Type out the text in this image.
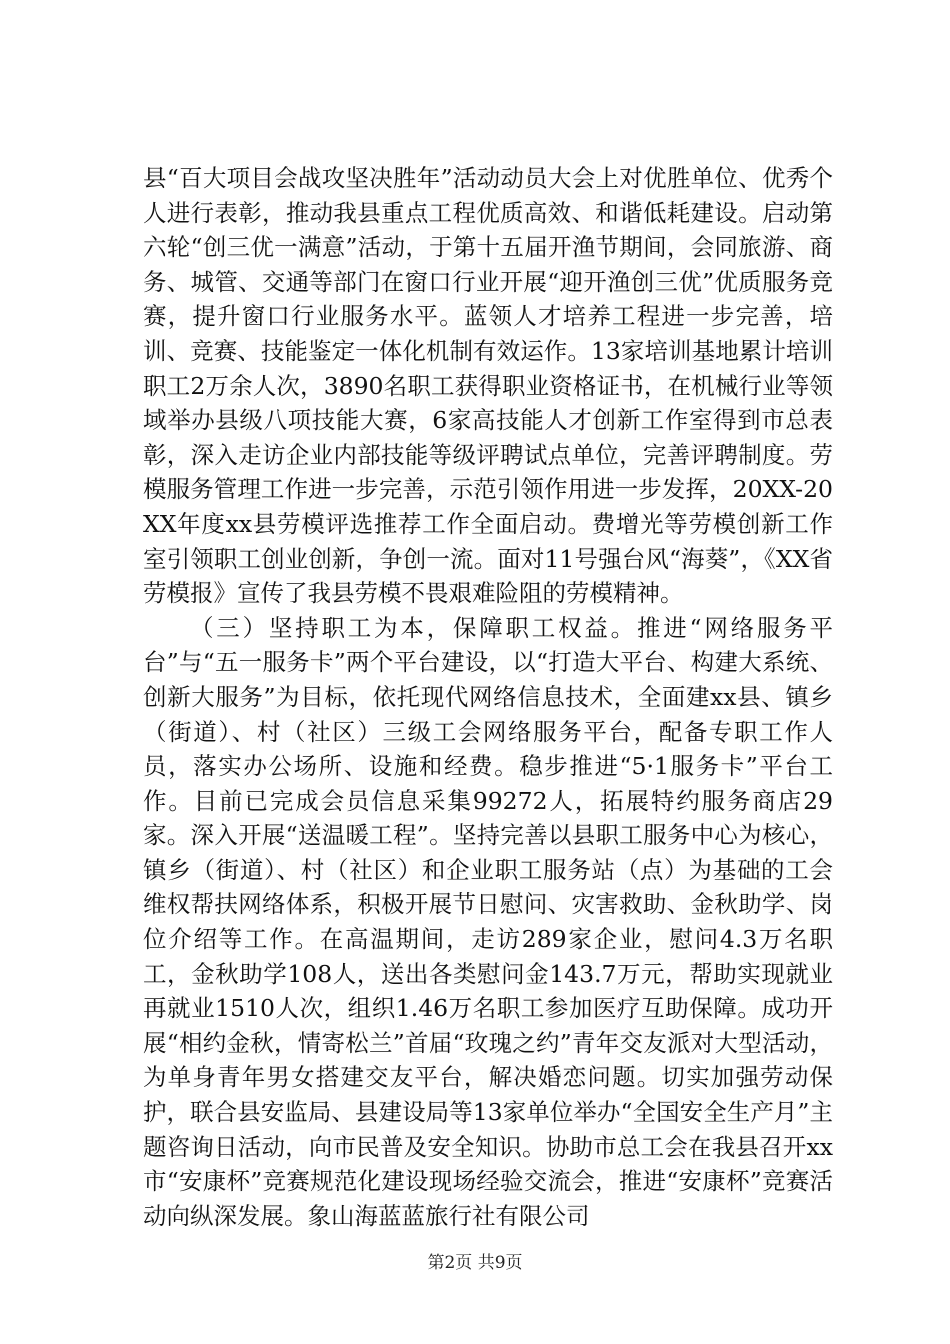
县“百大项目会战攻坚决胜年”活动动员大会上对优胜单位、优秀个人进行表彰，推动我县重点工程优质高效、和谐低耗建设。启动第六轮“创三优一满意”活动，于第十五届开渔节期间，会同旅游、商务、城管、交通等部门在窗口行业开展“迎开渔创三优”优质服务竞赛，提升窗口行业服务水平。蓝领人才培养工程进一步完善，培训、竞赛、技能鉴定一体化机制有效运作。13家培训基地累计培训职工2万余人次，3890名职工获得职业资格证书，在机械行业等领域举办县级八项技能大赛，6家高技能人才创新工作室得到市总表彰，深入走访企业内部技能等级评聘试点单位，完善评聘制度。劳模服务管理工作进一步完善，示范引领作用进一步发挥，20XX-20XX年度xx县劳模评选推荐工作全面启动。费增光等劳模创新工作室引领职工创业创新，争创一流。面对11号强台风“海葵”，《XX省劳模报》宣传了我县劳模不畏艰难险阻的劳模精神。

（三）坚持职工为本，保障职工权益。推进“网络服务平台”与“五一服务卡”两个平台建设，以“打造大平台、构建大系统、创新大服务”为目标，依托现代网络信息技术，全面建xx县、镇乡（街道）、村（社区）三级工会网络服务平台，配备专职工作人员，落实办公场所、设施和经费。稳步推进“5·1服务卡”平台工作。目前已完成会员信息采集99272人，拓展特约服务商店29家。深入开展“送温暖工程”。坚持完善以县职工服务中心为核心，镇乡（街道）、村（社区）和企业职工服务站（点）为基础的工会维权帮扶网络体系，积极开展节日慰问、灾害救助、金秋助学、岗位介绍等工作。在高温期间，走访289家企业，慰问4.3万名职工，金秋助学108人，送出各类慰问金143.7万元，帮助实现就业再就业1510人次，组织1.46万名职工参加医疗互助保障。成功开展“相约金秋，情寄松兰”首届“玫瑰之约”青年交友派对大型活动，为单身青年男女搭建交友平台，解决婚恋问题。切实加强劳动保护，联合县安监局、县建设局等13家单位举办“全国安全生产月”主题咨询日活动，向市民普及安全知识。协助市总工会在我县召开xx市“安康杯”竞赛规范化建设现场经验交流会，推进“安康杯”竞赛活动向纵深发展。象山海蓝蓝旅行社有限公司

第2页 共9页
